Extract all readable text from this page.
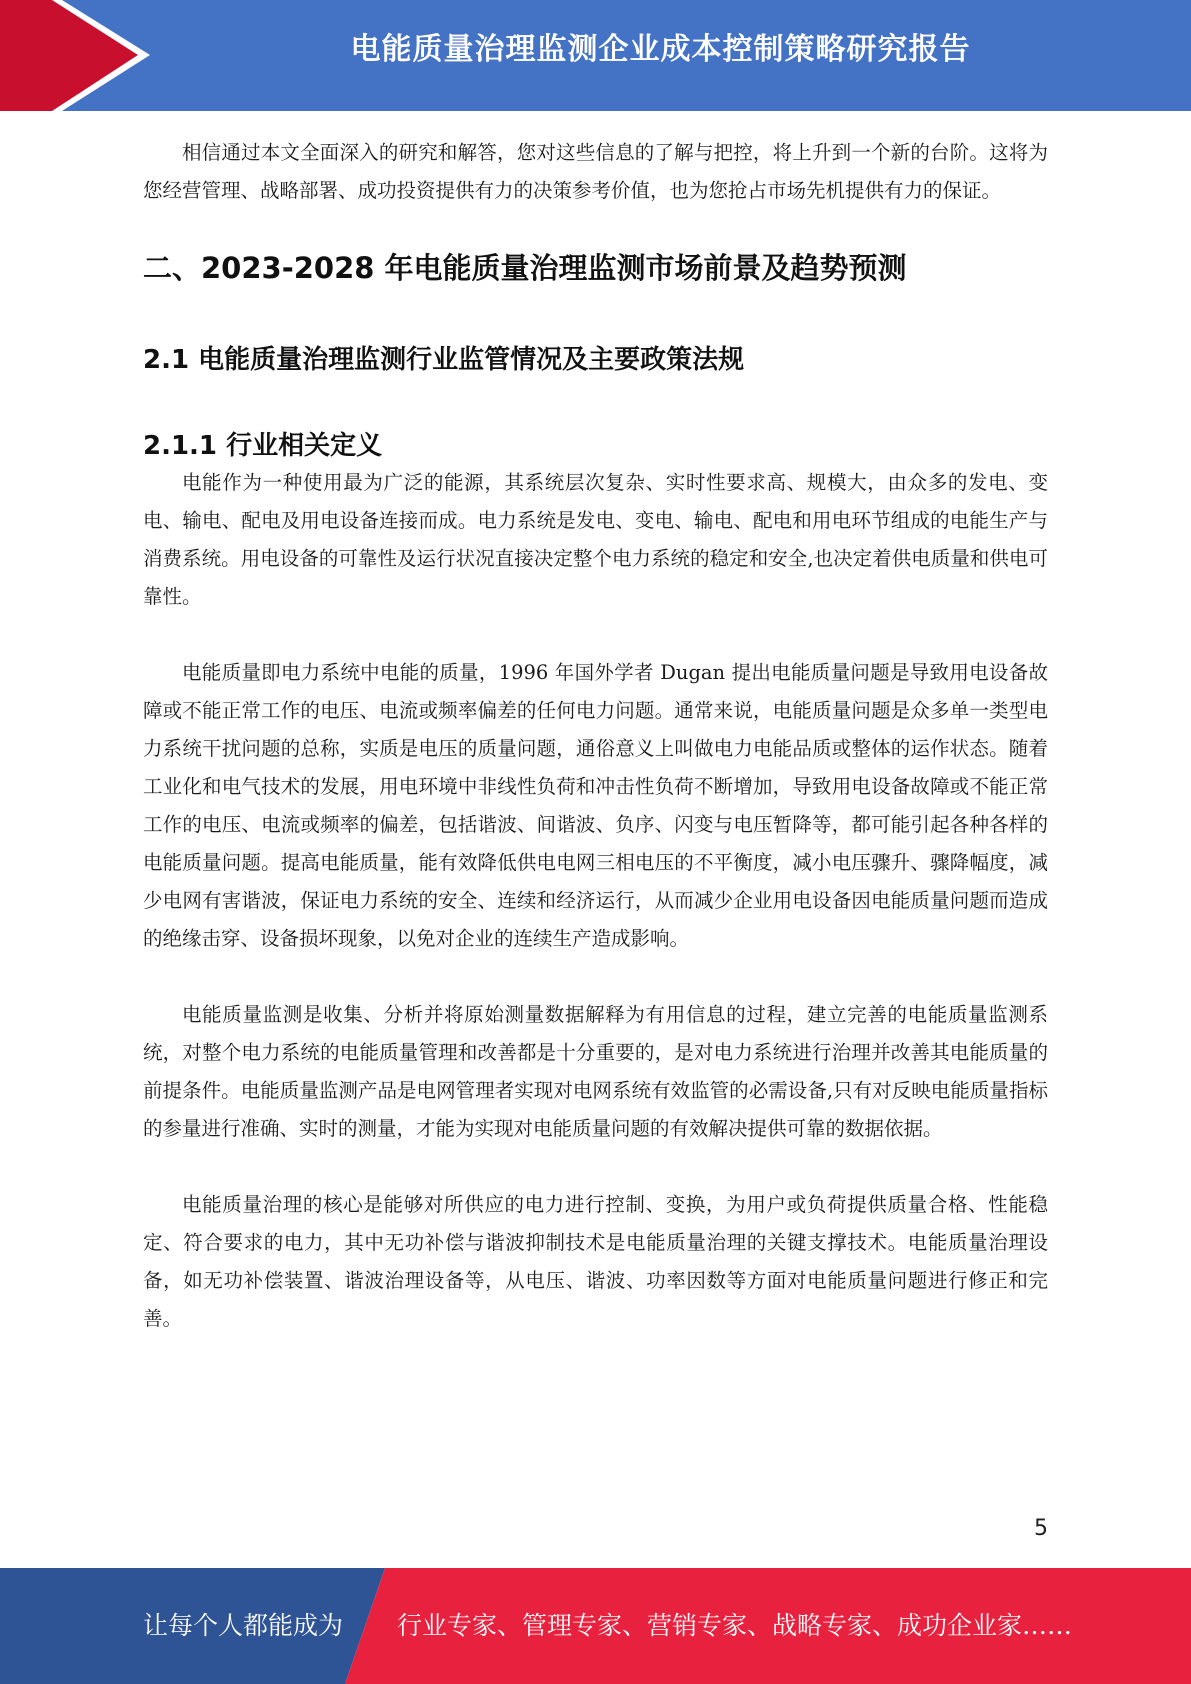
电能质量治理监测企业成本控制策略研究报告

相信通过本文全面深入的研究和解答，您对这些信息的了解与把控，将上升到一个新的台阶。这将为您经营管理、战略部署、成功投资提供有力的决策参考价值，也为您抢占市场先机提供有力的保证。

二、2023-2028 年电能质量治理监测市场前景及趋势预测
2.1 电能质量治理监测行业监管情况及主要政策法规
2.1.1 行业相关定义

电能作为一种使用最为广泛的能源，其系统层次复杂、实时性要求高、规模大，由众多的发电、变电、输电、配电及用电设备连接而成。电力系统是发电、变电、输电、配电和用电环节组成的电能生产与消费系统。用电设备的可靠性及运行状况直接决定整个电力系统的稳定和安全,也决定着供电质量和供电可靠性。

电能质量即电力系统中电能的质量，1996 年国外学者 Dugan 提出电能质量问题是导致用电设备故障或不能正常工作的电压、电流或频率偏差的任何电力问题。通常来说，电能质量问题是众多单一类型电力系统干扰问题的总称，实质是电压的质量问题，通俗意义上叫做电力电能品质或整体的运作状态。随着工业化和电气技术的发展，用电环境中非线性负荷和冲击性负荷不断增加，导致用电设备故障或不能正常工作的电压、电流或频率的偏差，包括谐波、间谐波、负序、闪变与电压暂降等，都可能引起各种各样的电能质量问题。提高电能质量，能有效降低供电电网三相电压的不平衡度，减小电压骤升、骤降幅度，减少电网有害谐波，保证电力系统的安全、连续和经济运行，从而减少企业用电设备因电能质量问题而造成的绝缘击穿、设备损坏现象，以免对企业的连续生产造成影响。

电能质量监测是收集、分析并将原始测量数据解释为有用信息的过程，建立完善的电能质量监测系统，对整个电力系统的电能质量管理和改善都是十分重要的，是对电力系统进行治理并改善其电能质量的前提条件。电能质量监测产品是电网管理者实现对电网系统有效监管的必需设备,只有对反映电能质量指标的参量进行准确、实时的测量，才能为实现对电能质量问题的有效解决提供可靠的数据依据。

电能质量治理的核心是能够对所供应的电力进行控制、变换，为用户或负荷提供质量合格、性能稳定、符合要求的电力，其中无功补偿与谐波抑制技术是电能质量治理的关键支撑技术。电能质量治理设备，如无功补偿装置、谐波治理设备等，从电压、谐波、功率因数等方面对电能质量问题进行修正和完善。

5
让每个人都能成为 行业专家、管理专家、营销专家、战略专家、成功企业家……
